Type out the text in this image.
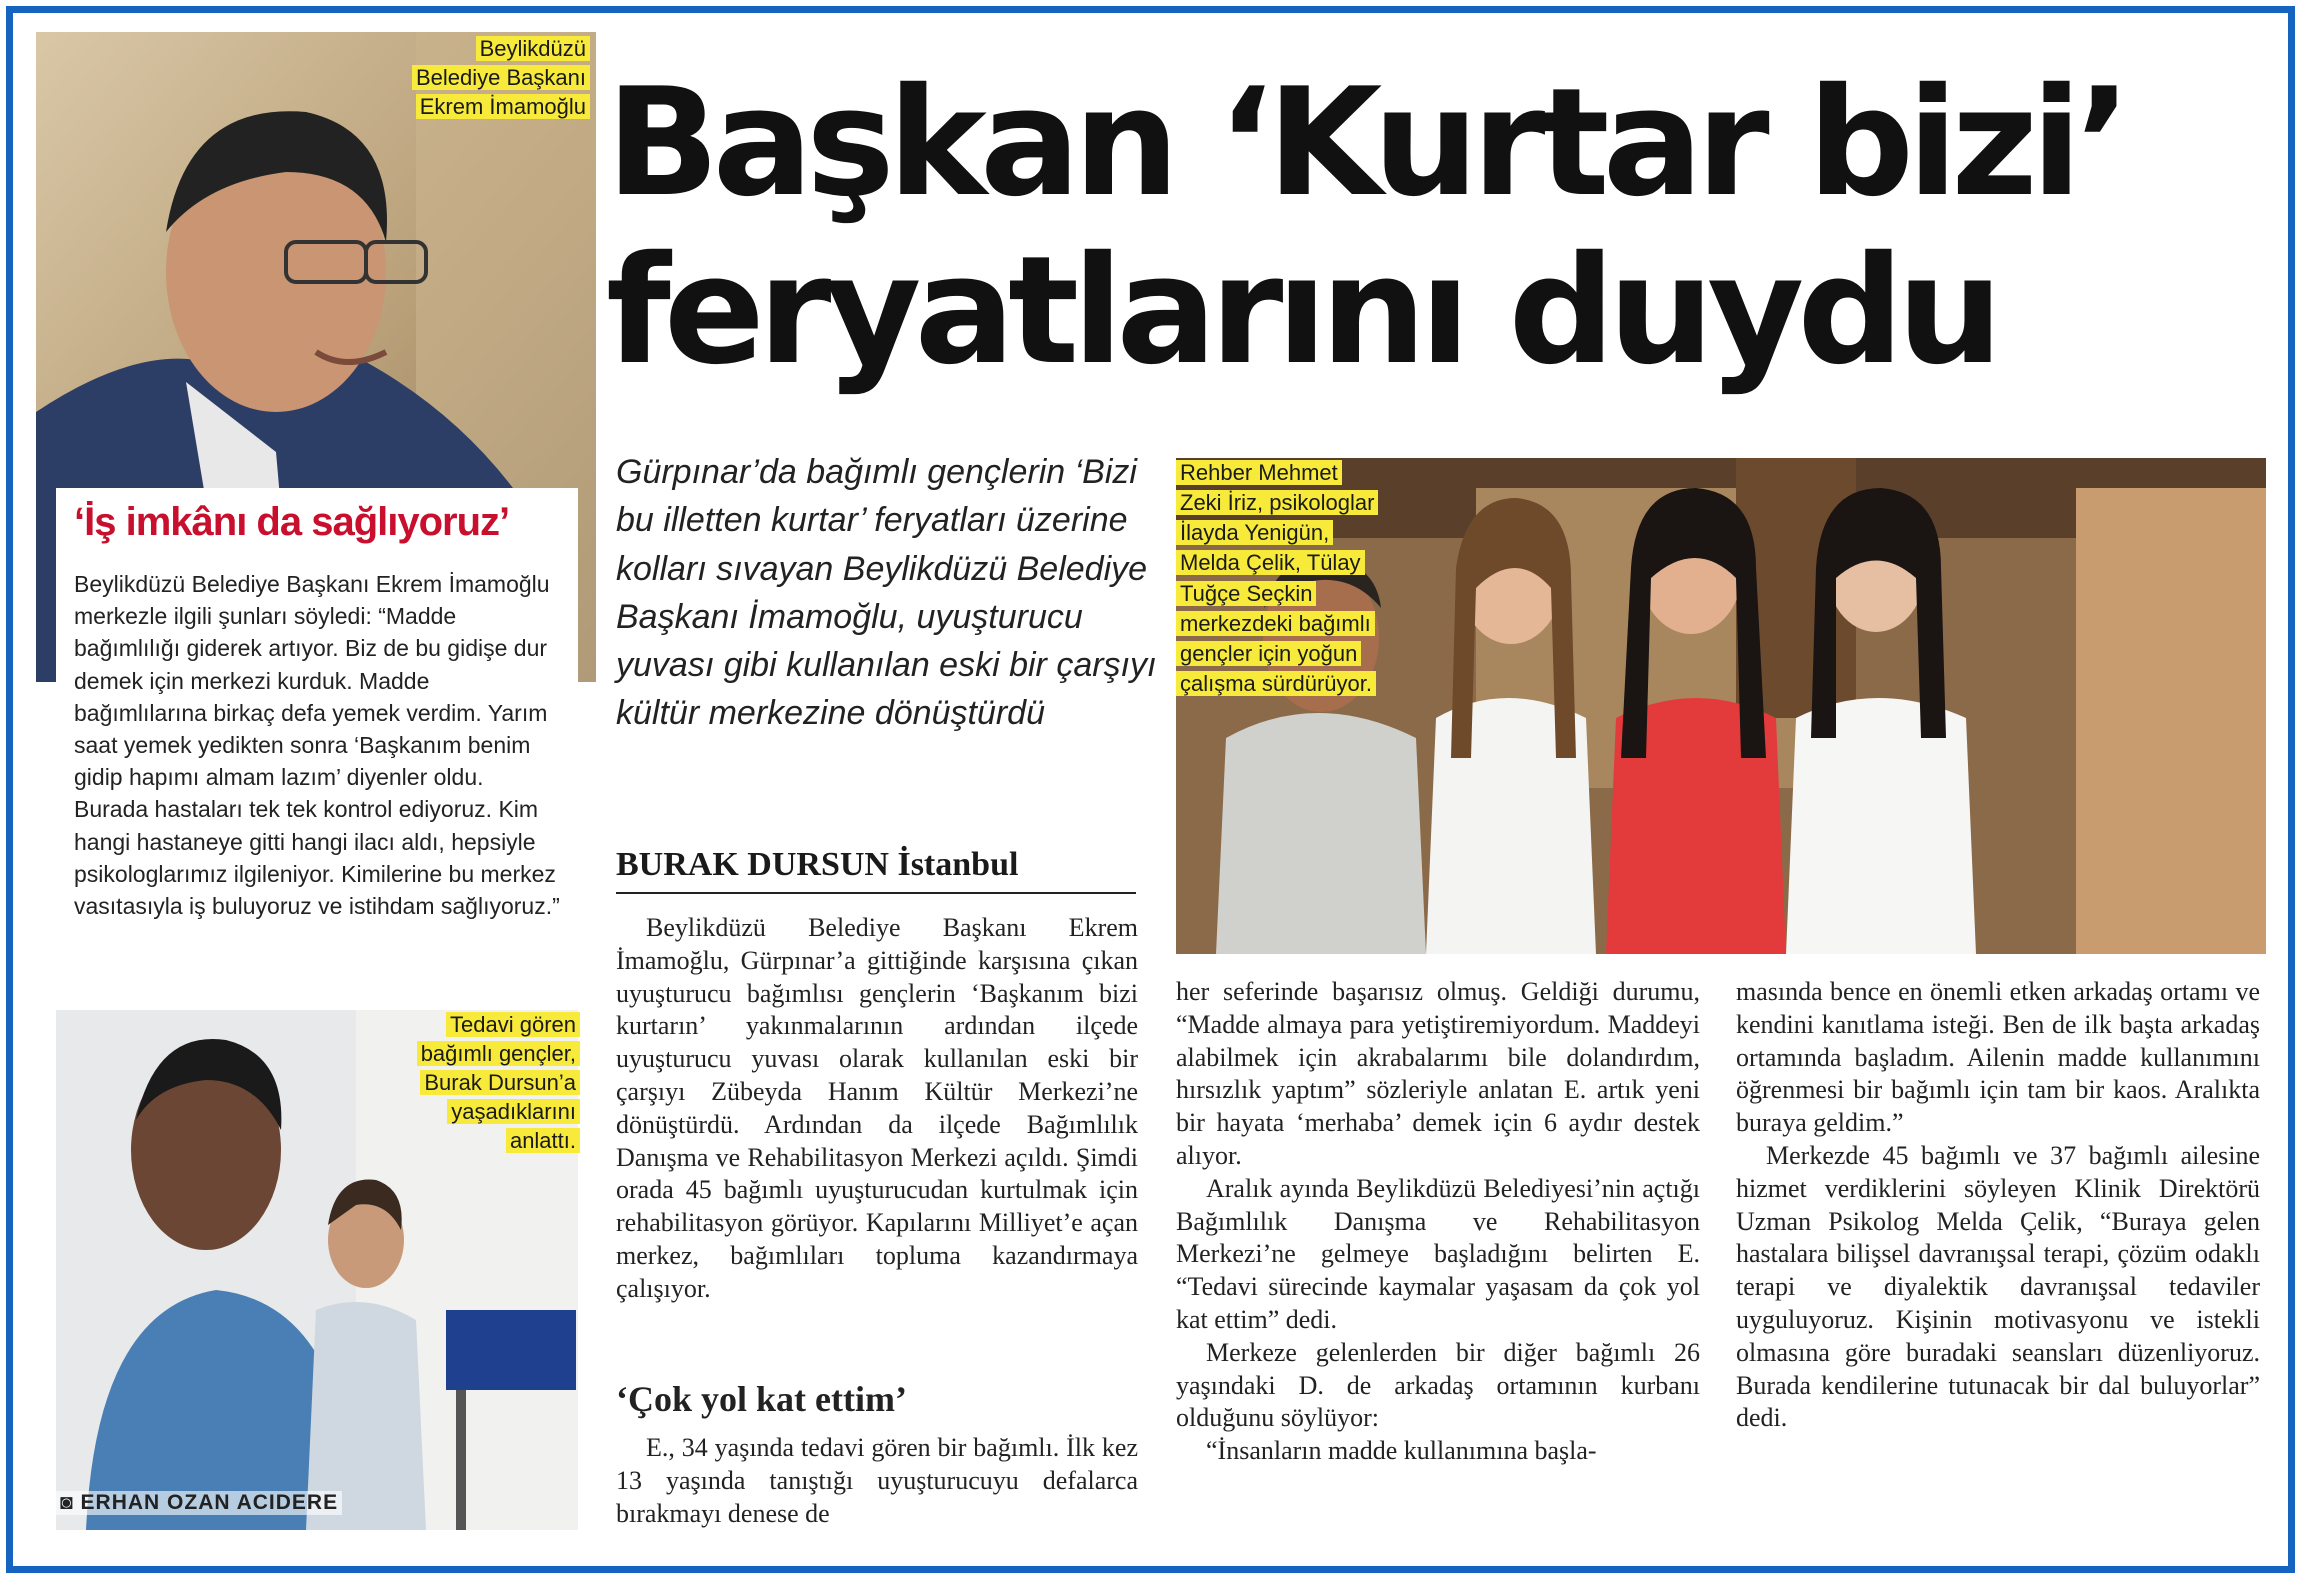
Beylikdüzü Belediye Başkanı Ekrem İmamoğlu
‘İş imkânı da sağlıyoruz’
Beylikdüzü Belediye Başkanı Ekrem İmamoğlu merkezle ilgili şunları söyledi: “Madde bağımlılığı giderek artıyor. Biz de bu gidişe dur demek için merkezi kurduk. Madde bağımlılarına birkaç defa yemek verdim. Yarım saat yemek yedikten sonra ‘Başkanım benim gidip hapımı almam lazım’ diyenler oldu. Burada hastaları tek tek kontrol ediyoruz. Kim hangi hastaneye gitti hangi ilacı aldı, hepsiyle psikologlarımız ilgileniyor. Kimilerine bu merkez vasıtasıyla iş buluyoruz ve istihdam sağlıyoruz.”
Tedavi gören bağımlı gençler, Burak Dursun’a yaşadıklarını anlattı.
◙ ERHAN OZAN ACIDERE
Başkan ‘Kurtar bizi’ feryatlarını duydu
Gürpınar’da bağımlı gençlerin ‘Bizi bu illetten kurtar’ feryatları üzerine kolları sıvayan Beylikdüzü Belediye Başkanı İmamoğlu, uyuşturucu yuvası gibi kullanılan eski bir çarşıyı kültür merkezine dönüştürdü
Rehber Mehmet Zeki İriz, psikologlar İlayda Yenigün, Melda Çelik, Tülay Tuğçe Seçkin merkezdeki bağımlı gençler için yoğun çalışma sürdürüyor.
BURAK DURSUN İstanbul

Beylikdüzü Belediye Başkanı Ekrem İmamoğlu, Gürpınar’a gittiğinde karşısına çıkan uyuşturucu bağımlısı gençlerin ‘Başkanım bizi kurtarın’ yakınmalarının ardından ilçede uyuşturucu yuvası olarak kullanılan eski bir çarşıyı Zübeyda Hanım Kültür Merkezi’ne dönüştürdü. Ardından da ilçede Bağımlılık Danışma ve Rehabilitasyon Merkezi açıldı. Şimdi orada 45 bağımlı uyuşturucudan kurtulmak için rehabilitasyon görüyor. Kapılarını Milliyet’e açan merkez, bağımlıları topluma kazandırmaya çalışıyor.

‘Çok yol kat ettim’

E., 34 yaşında tedavi gören bir bağımlı. İlk kez 13 yaşında tanıştığı uyuşturucuyu defalarca bırakmayı denese de

her seferinde başarısız olmuş. Geldiği durumu, “Madde almaya para yetiştiremiyordum. Maddeyi alabilmek için akrabalarımı bile dolandırdım, hırsızlık yaptım” sözleriyle anlatan E. artık yeni bir hayata ‘merhaba’ demek için 6 aydır destek alıyor.

Aralık ayında Beylikdüzü Belediyesi’nin açtığı Bağımlılık Danışma ve Rehabilitasyon Merkezi’ne gelmeye başladığını belirten E. “Tedavi sürecinde kaymalar yaşasam da çok yol kat ettim” dedi.

Merkeze gelenlerden bir diğer bağımlı 26 yaşındaki D. de arkadaş ortamının kurbanı olduğunu söylüyor:

“İnsanların madde kullanımına başla-

masında bence en önemli etken arkadaş ortamı ve kendini kanıtlama isteği. Ben de ilk başta arkadaş ortamında başladım. Ailenin madde kullanımını öğrenmesi bir bağımlı için tam bir kaos. Aralıkta buraya geldim.”

Merkezde 45 bağımlı ve 37 bağımlı ailesine hizmet verdiklerini söyleyen Klinik Direktörü Uzman Psikolog Melda Çelik, “Buraya gelen hastalara bilişsel davranışsal terapi, çözüm odaklı terapi ve diyalektik davranışsal tedaviler uyguluyoruz. Kişinin motivasyonu ve istekli olmasına göre buradaki seansları düzenliyoruz. Burada kendilerine tutunacak bir dal buluyorlar” dedi.
